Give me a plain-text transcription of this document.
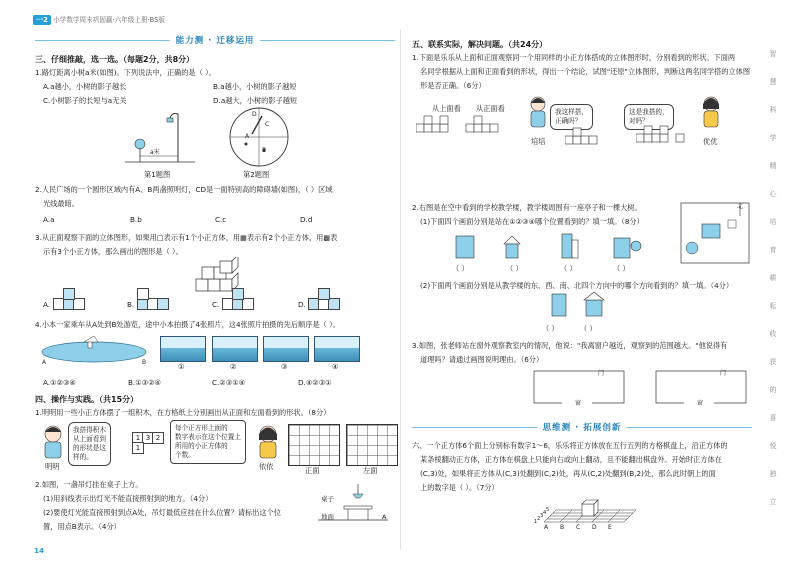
一2 小学数学周末巩固赢·六年级上册·BS版
能力测 · 迁移运用
三、仔细推敲，选一选。（每题2分，共8分）
1.路灯距离小树a米(如图)。下列说法中，正确的是（ ）。
A.a越小，小树的影子越长	B.a越小，小树的影子越短
C.小树影子的长短与a无关	D.a越大，小树的影子越短
a米
第1题图
A
B
C
D
第2题图
2.人民广场的一个圆形区域内有A、B两盏照明灯，CD是一面特别高的障碍墙(如图)，（ ）区域
光线最暗。
A.a	B.b	C.c	D.d
3.从正面观察下面的立体图形，如果用□表示有1个小正方体，用▦表示有2个小正方体，用▩表
示有3个小正方体，那么画出的图形是（ ）。
A.	B.	C.	D.
4.小本一家乘车从A处到B处游览，途中小本拍摄了4张照片，这4张照片拍摄的先后顺序是（ ）。
A	B	①	②	③	④
A.①②③④	B.①③②④	C.②③①④	D.④②③①
四、操作与实践。（共15分）
1.明明用一些小正方体摆了一组积木，在方格纸上分别画出从正面和左面看到的形状。（8分）
明明
我搭得积木
从上面看到
的形状是这
样的。
1 3 2
1
每个正方形上面的
数字表示在这个位置上
所用的小正方体的
个数。
依依	正面	左面
2.如图，一盏吊灯挂在桌子上方。
(1)用斜线表示出灯光不能直接照射到的地方。（4分）
(2)要使灯光能直接照射到点A处，吊灯最低应挂在什么位置？请标出这个位
置，用点B表示。（4分）
桌子
地面	A
14
五、联系实际，解决问题。（共24分）
1.下面是乐乐从上面和正面观察同一个用同样的小正方体搭成的立体图形时，分别看到的形状。下面两
名同学根据从上面和正面看到的形状，得出一个结论，试图"还原"立体图形，判断这两名同学搭的立体图
形是否正确。（6分）
从上面看 从正面看
培培
我这样搭，
正确吗？
这是我搭的，
对吗？
优优
2.右图是在空中看到的学校教学楼，教学楼周围有一座亭子和一棵大树。
(1)下面四个画面分别是站在①②③④哪个位置看到的？填一填。（8分）
北
（ ）	（ ）	（ ）	（ ）
(2)下面两个画面分别是从教学楼的东、西、南、北四个方向中的哪个方向看到的？填一填。（4分）
（ ）	（ ）
3.如图，张老师站在窗外观察教室内的情况，他说："我离窗户越近，观察到的范围越大。"他说得有
道理吗？请通过画图说明理由。（6分）
门	门
窗	窗
思维测 · 拓展创新
六、一个正方体6个面上分别标有数字1～6，乐乐将正方体放在五行五列的方格棋盘上，沿正方体的
某条棱翻动正方体，正方体在棋盘上只能向右或向上翻动，且不能翻出棋盘外。开始时正方体在
(C,3)处，如果将正方体从(C,3)处翻到(C,2)处，再从(C,2)处翻到(B,2)处，那么此时朝上的面
上的数字是（ ）。（7分）
A B C D E
1 2 3 4 5
智
慧
科
学
精
心
培
育
耕
耘
收
获
的
喜
悦
独
立
